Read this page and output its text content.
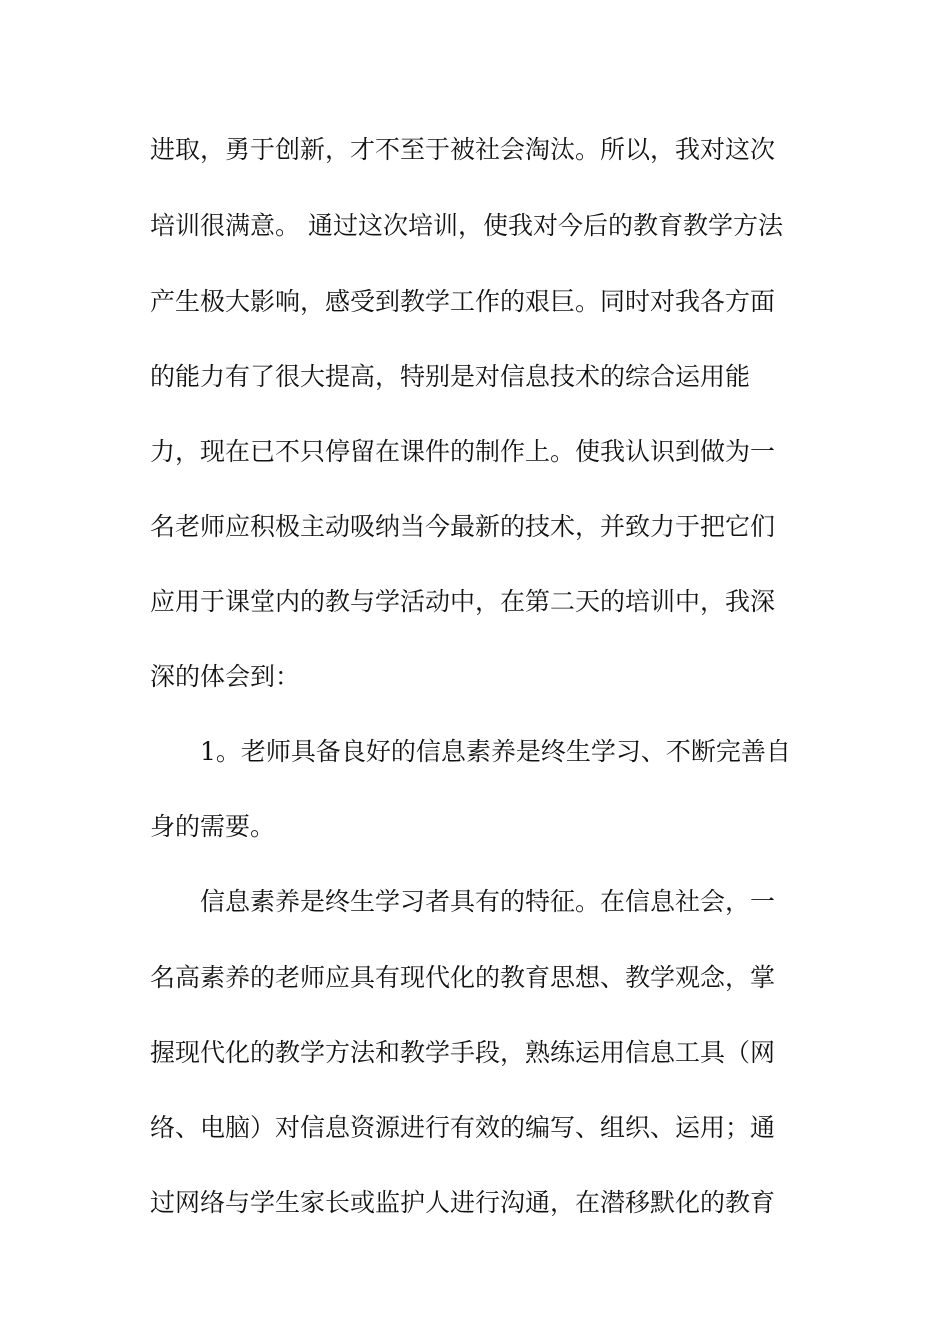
进取，勇于创新，才不至于被社会淘汰。所以，我对这次
培训很满意。 通过这次培训，使我对今后的教育教学方法
产生极大影响，感受到教学工作的艰巨。同时对我各方面
的能力有了很大提高，特别是对信息技术的综合运用能
力，现在已不只停留在课件的制作上。使我认识到做为一
名老师应积极主动吸纳当今最新的技术，并致力于把它们
应用于课堂内的教与学活动中，在第二天的培训中，我深
深的体会到：
1。老师具备良好的信息素养是终生学习、不断完善自
身的需要。
信息素养是终生学习者具有的特征。在信息社会，一
名高素养的老师应具有现代化的教育思想、教学观念，掌
握现代化的教学方法和教学手段，熟练运用信息工具（网
络、电脑）对信息资源进行有效的编写、组织、运用；通
过网络与学生家长或监护人进行沟通，在潜移默化的教育
